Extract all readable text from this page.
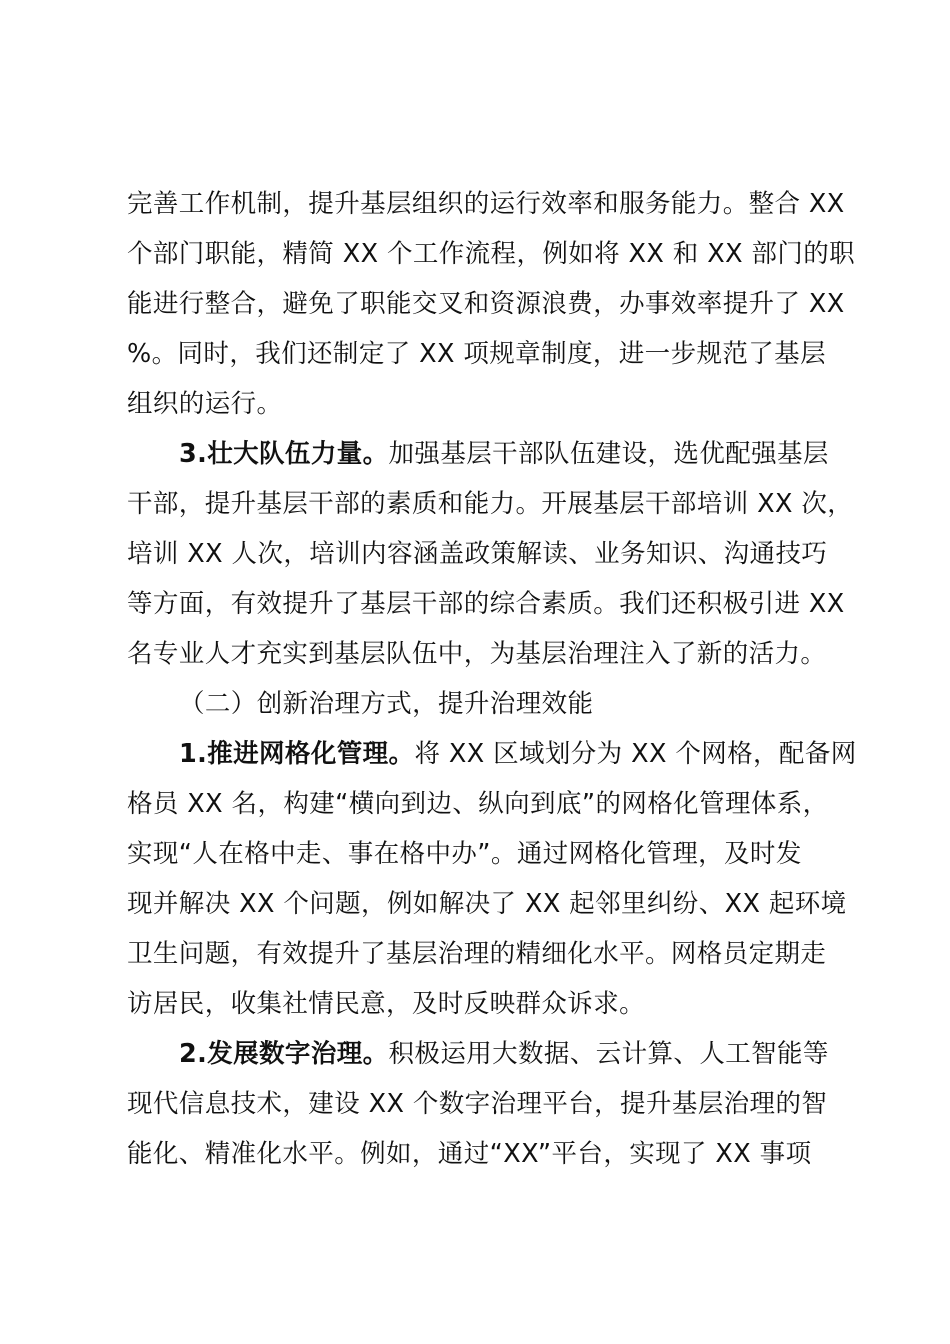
完善工作机制，提升基层组织的运行效率和服务能力。整合 XX
个部门职能，精简 XX 个工作流程，例如将 XX 和 XX 部门的职
能进行整合，避免了职能交叉和资源浪费，办事效率提升了 XX
%。同时，我们还制定了 XX 项规章制度，进一步规范了基层
组织的运行。
3.壮大队伍力量。加强基层干部队伍建设，选优配强基层
干部，提升基层干部的素质和能力。开展基层干部培训 XX 次，
培训 XX 人次，培训内容涵盖政策解读、业务知识、沟通技巧
等方面，有效提升了基层干部的综合素质。我们还积极引进 XX
名专业人才充实到基层队伍中，为基层治理注入了新的活力。
（二）创新治理方式，提升治理效能
1.推进网格化管理。将 XX 区域划分为 XX 个网格，配备网
格员 XX 名，构建“横向到边、纵向到底”的网格化管理体系，
实现“人在格中走、事在格中办”。通过网格化管理，及时发
现并解决 XX 个问题，例如解决了 XX 起邻里纠纷、XX 起环境
卫生问题，有效提升了基层治理的精细化水平。网格员定期走
访居民，收集社情民意，及时反映群众诉求。
2.发展数字治理。积极运用大数据、云计算、人工智能等
现代信息技术，建设 XX 个数字治理平台，提升基层治理的智
能化、精准化水平。例如，通过“XX”平台，实现了 XX 事项
